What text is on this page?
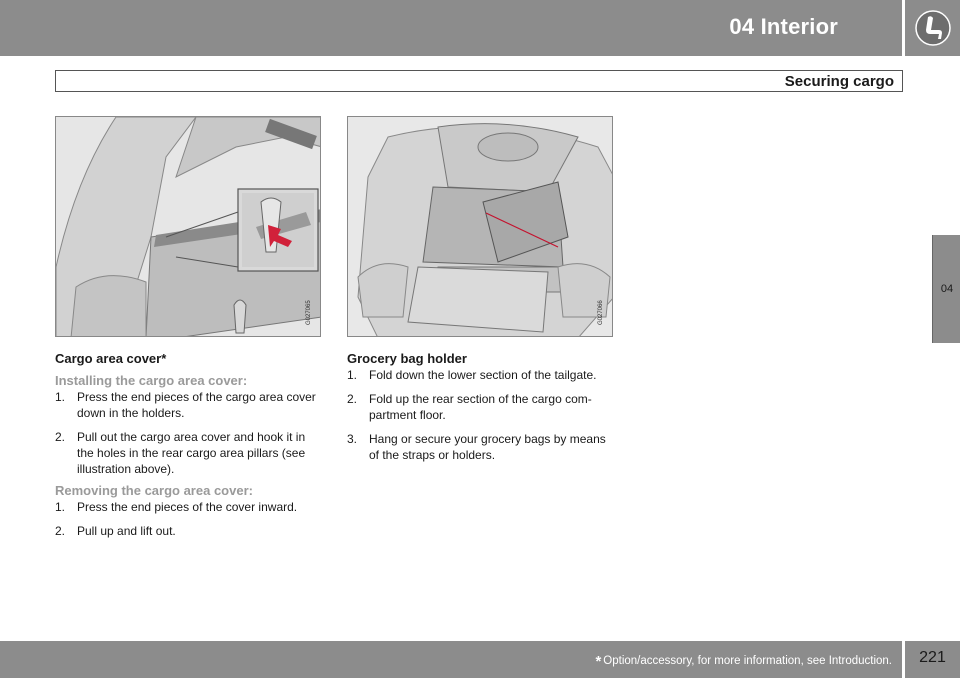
04 Interior
Securing cargo
04
G027065	G027066
Cargo area cover*
Installing the cargo area cover:
1. Press the end pieces of the cargo area cover down in the holders.
2. Pull out the cargo area cover and hook it in the holes in the rear cargo area pillars (see illustration above).
Removing the cargo area cover:
1. Press the end pieces of the cover inward.
2. Pull up and lift out.
Grocery bag holder
1. Fold down the lower section of the tailgate.
2. Fold up the rear section of the cargo com-partment floor.
3. Hang or secure your grocery bags by means of the straps or holders.
* Option/accessory, for more information, see Introduction.	221
